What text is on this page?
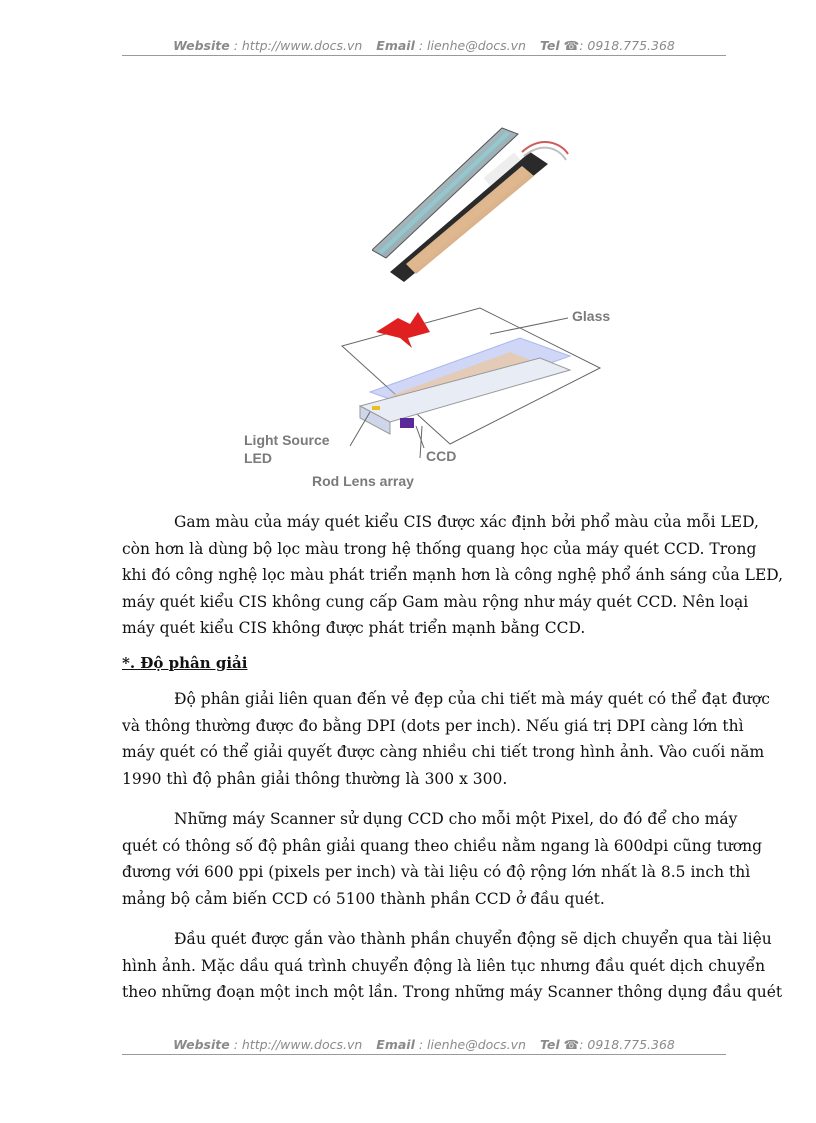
Website : http://www.docs.vn Email : lienhe@docs.vn Tel ☎: 0918.775.368
Glass
Light Source
LED	CCD
Rod Lens array
Gam màu của máy quét kiểu CIS được xác định bởi phổ màu của mỗi LED,
còn hơn là dùng bộ lọc màu trong hệ thống quang học của máy quét CCD. Trong
khi đó công nghệ lọc màu phát triển mạnh hơn là công nghệ phổ ánh sáng của LED,
máy quét kiểu CIS không cung cấp Gam màu rộng như máy quét CCD. Nên loại
máy quét kiểu CIS không được phát triển mạnh bằng CCD.
*. Độ phân giải
Độ phân giải liên quan đến vẻ đẹp của chi tiết mà máy quét có thể đạt được
và thông thường được đo bằng DPI (dots per inch). Nếu giá trị DPI càng lớn thì
máy quét có thể giải quyết được càng nhiều chi tiết trong hình ảnh. Vào cuối năm
1990 thì độ phân giải thông thường là 300 x 300.
Những máy Scanner sử dụng CCD cho mỗi một Pixel, do đó để cho máy
quét có thông số độ phân giải quang theo chiều nằm ngang là 600dpi cũng tương
đương với 600 ppi (pixels per inch) và tài liệu có độ rộng lớn nhất là 8.5 inch thì
mảng bộ cảm biến CCD có 5100 thành phần CCD ở đầu quét.
Đầu quét được gắn vào thành phần chuyển động sẽ dịch chuyển qua tài liệu
hình ảnh. Mặc dầu quá trình chuyển động là liên tục nhưng đầu quét dịch chuyển
theo những đoạn một inch một lần. Trong những máy Scanner thông dụng đầu quét
Website : http://www.docs.vn Email : lienhe@docs.vn Tel ☎: 0918.775.368
